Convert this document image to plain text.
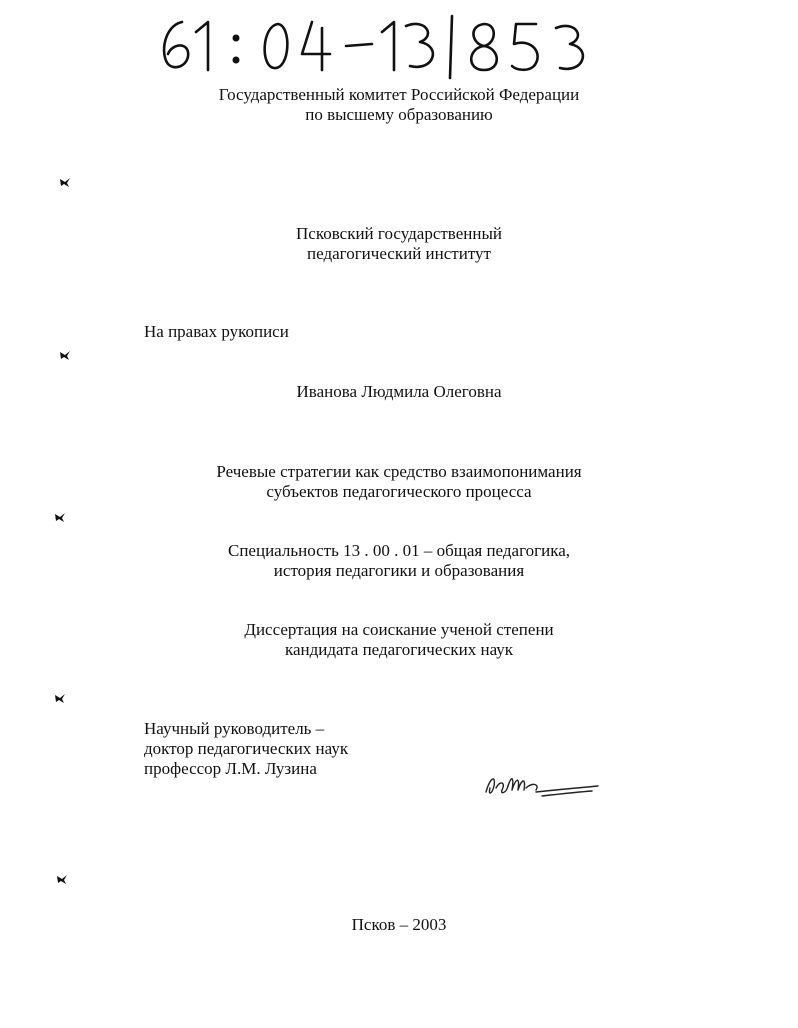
Государственный комитет Российской Федерации
по высшему образованию
Псковский государственный
педагогический институт
На правах рукописи
Иванова Людмила Олеговна
Речевые стратегии как средство взаимопонимания
субъектов педагогического процесса
Специальность 13 . 00 . 01 – общая педагогика,
история педагогики и образования
Диссертация на соискание ученой степени
кандидата педагогических наук
Научный руководитель –
доктор педагогических наук
профессор Л.М. Лузина
Псков – 2003
